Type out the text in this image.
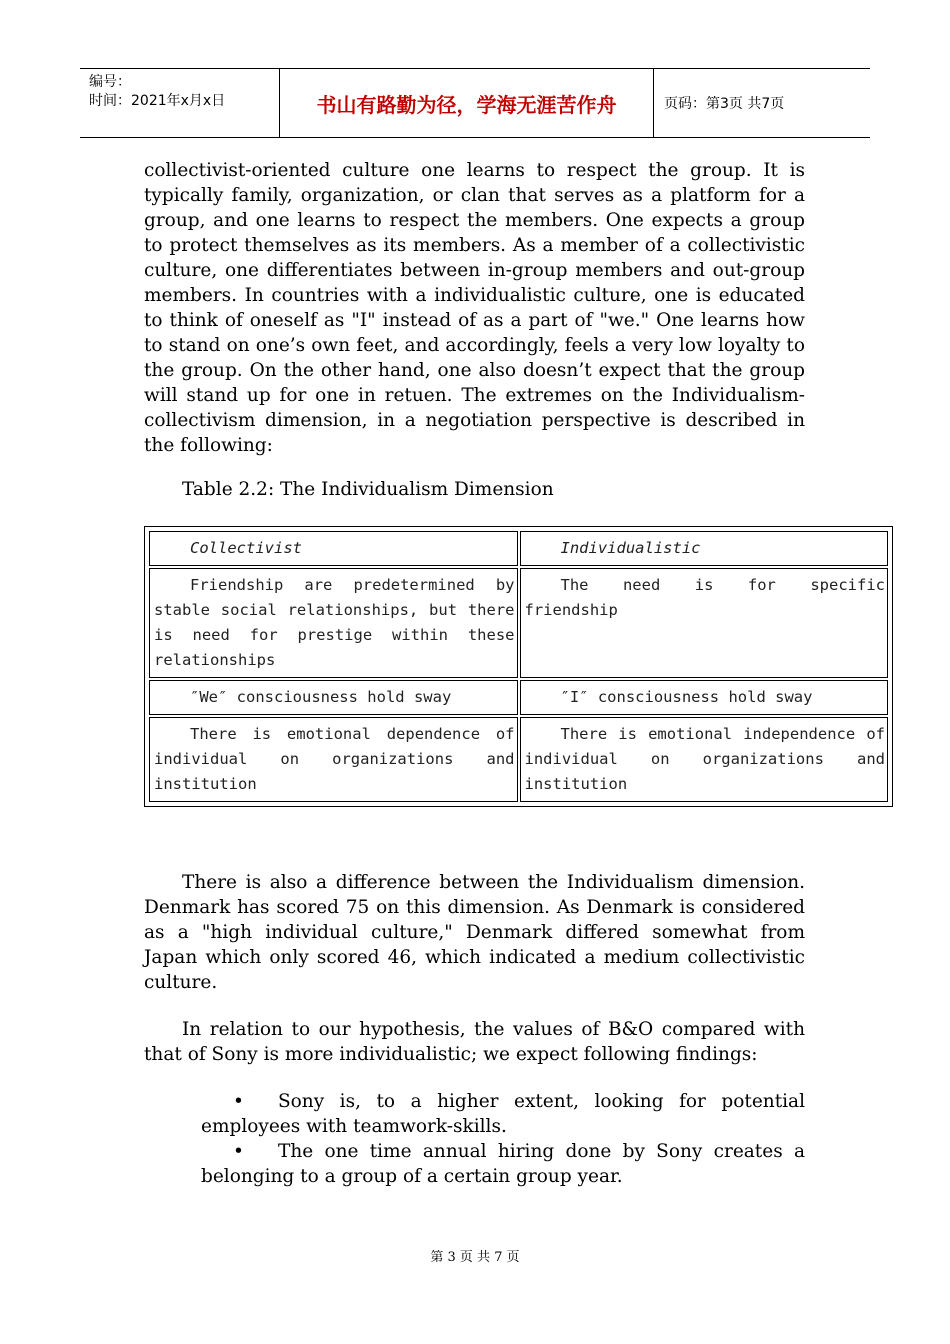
编号：
时间：2021年x月x日	书山有路勤为径，学海无涯苦作舟	页码：第3页 共7页

collectivist-oriented culture one learns to respect the group. It is typically family, organization, or clan that serves as a platform for a group, and one learns to respect the members. One expects a group to protect themselves as its members. As a member of a collectivistic culture, one differentiates between in-group members and out-group members. In countries with a individualistic culture, one is educated to think of oneself as "I" instead of as a part of "we." One learns how to stand on one’s own feet, and accordingly, feels a very low loyalty to the group. On the other hand, one also doesn’t expect that the group will stand up for one in retuen. The extremes on the Individualism-collectivism dimension, in a negotiation perspective is described in the following:

Table 2.2: The Individualism Dimension
Collectivist	Individualistic

Friendship are predetermined by stable social relationships, but there is need for prestige within these relationships	The need is for specific friendship

″We″ consciousness hold sway	″I″ consciousness hold sway

There is emotional dependence of individual on organizations and institution	There is emotional independence of individual on organizations and institution

There is also a difference between the Individualism dimension. Denmark has scored 75 on this dimension. As Denmark is considered as a "high individual culture," Denmark differed somewhat from Japan which only scored 46, which indicated a medium collectivistic culture.

In relation to our hypothesis, the values of B&O compared with that of Sony is more individualistic; we expect following findings:

• Sony is, to a higher extent, looking for potential employees with teamwork-skills.
• The one time annual hiring done by Sony creates a belonging to a group of a certain group year.
第 3 页 共 7 页
